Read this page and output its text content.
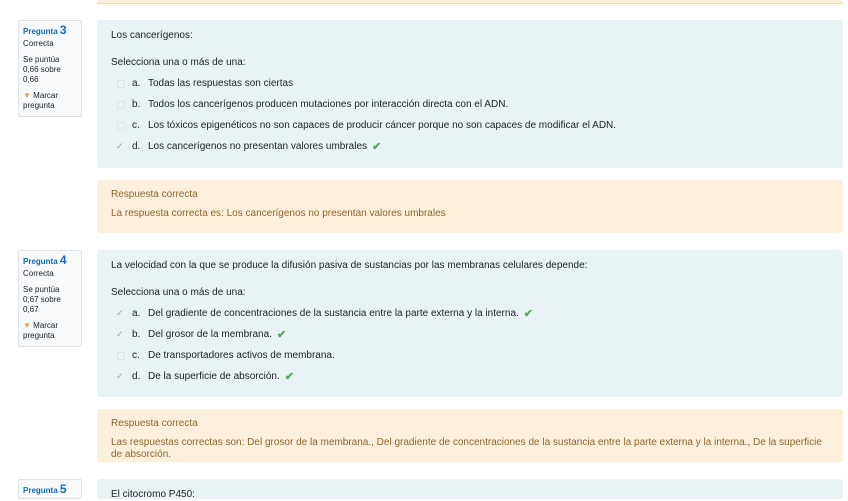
Pregunta 3
Correcta
Se puntúa 0,66 sobre 0,66
▼ Marcar pregunta
Los cancerígenos:
Selecciona una o más de una:
a. Todas las respuestas son ciertas
b. Todos los cancerígenos producen mutaciones por interacción directa con el ADN.
c. Los tóxicos epigenéticos no son capaces de producir cáncer porque no son capaces de modificar el ADN.
✓
d. Los cancerígenos no presentan valores umbrales ✔
Respuesta correcta
La respuesta correcta es: Los cancerígenos no presentan valores umbrales
Pregunta 4
Correcta
Se puntúa 0,67 sobre 0,67
▼ Marcar pregunta
La velocidad con la que se produce la difusión pasiva de sustancias por las membranas celulares depende:
Selecciona una o más de una:
✓
a. Del gradiente de concentraciones de la sustancia entre la parte externa y la interna. ✔
✓
b. Del grosor de la membrana. ✔
c. De transportadores activos de membrana.
✓
d. De la superficie de absorción. ✔
Respuesta correcta
Las respuestas correctas son: Del grosor de la membrana., Del gradiente de concentraciones de la sustancia entre la parte externa y la interna., De la superficie de absorción.
Pregunta 5	El citocromo P450:
